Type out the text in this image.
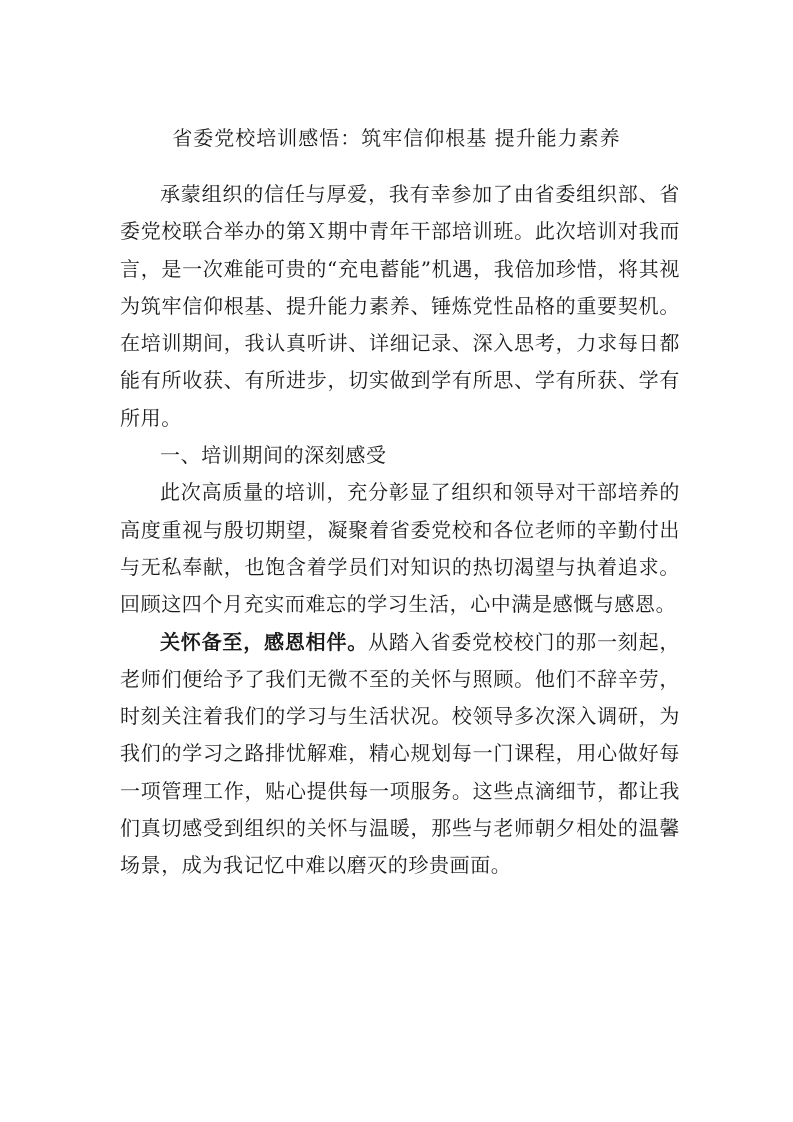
省委党校培训感悟：筑牢信仰根基 提升能力素养

承蒙组织的信任与厚爱，我有幸参加了由省委组织部、省委党校联合举办的第Ｘ期中青年干部培训班。此次培训对我而言，是一次难能可贵的“充电蓄能”机遇，我倍加珍惜，将其视为筑牢信仰根基、提升能力素养、锤炼党性品格的重要契机。在培训期间，我认真听讲、详细记录、深入思考，力求每日都能有所收获、有所进步，切实做到学有所思、学有所获、学有所用。

一、培训期间的深刻感受

此次高质量的培训，充分彰显了组织和领导对干部培养的高度重视与殷切期望，凝聚着省委党校和各位老师的辛勤付出与无私奉献，也饱含着学员们对知识的热切渴望与执着追求。回顾这四个月充实而难忘的学习生活，心中满是感慨与感恩。

关怀备至，感恩相伴。从踏入省委党校校门的那一刻起，老师们便给予了我们无微不至的关怀与照顾。他们不辞辛劳，时刻关注着我们的学习与生活状况。校领导多次深入调研，为我们的学习之路排忧解难，精心规划每一门课程，用心做好每一项管理工作，贴心提供每一项服务。这些点滴细节，都让我们真切感受到组织的关怀与温暖，那些与老师朝夕相处的温馨场景，成为我记忆中难以磨灭的珍贵画面。
